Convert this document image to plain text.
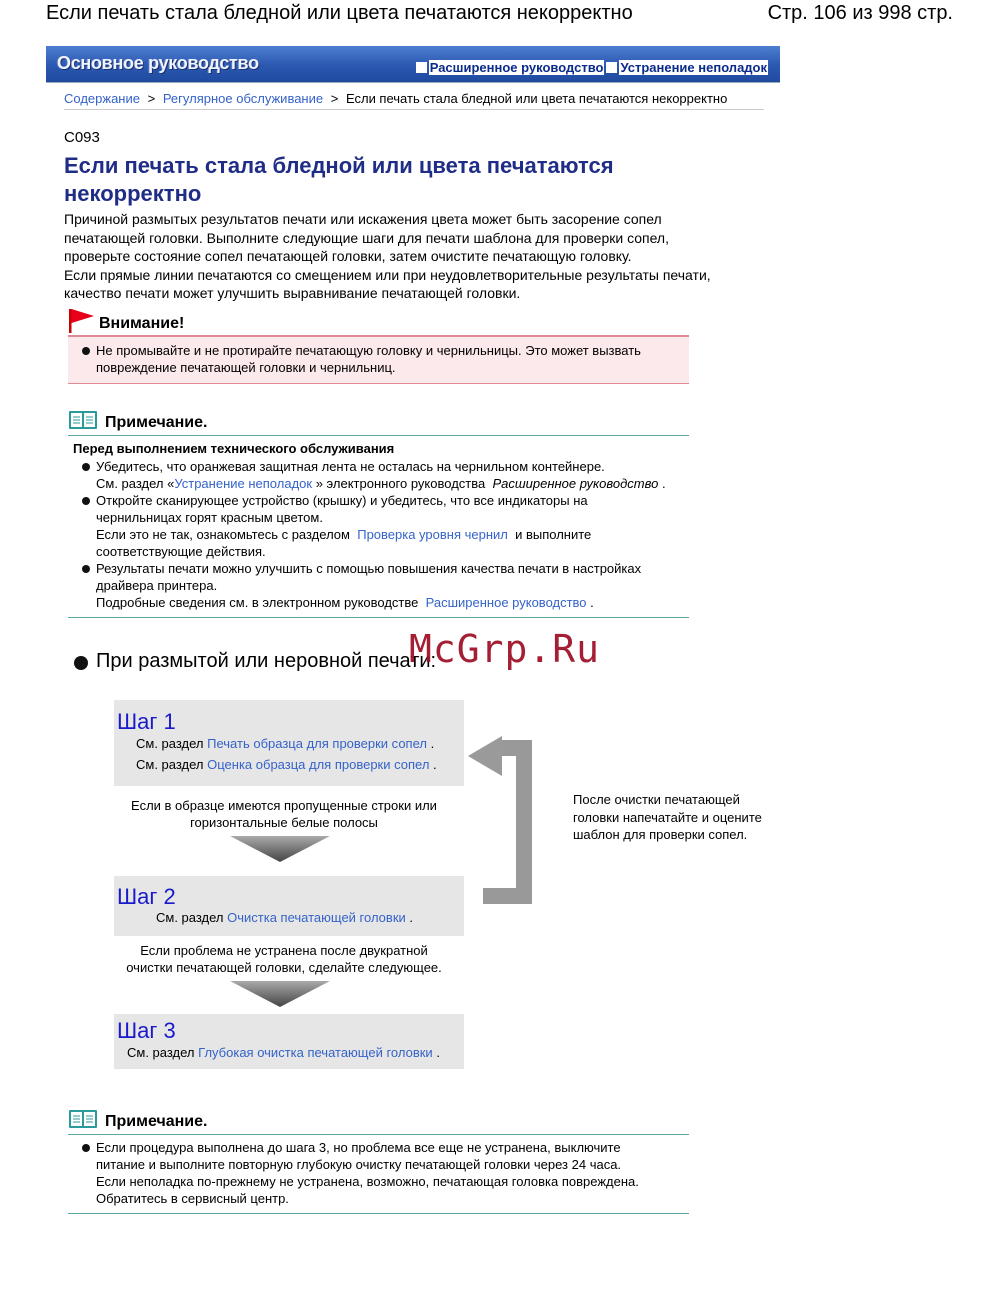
Если печать стала бледной или цвета печатаются некорректно	Стр. 106 из 998 стр.
Основное руководство	Расширенное руководство Устранение неполадок
Содержание > Регулярное обслуживание > Если печать стала бледной или цвета печатаются некорректно
C093
Если печать стала бледной или цвета печатаются
некорректно
Причиной размытых результатов печати или искажения цвета может быть засорение сопел
печатающей головки. Выполните следующие шаги для печати шаблона для проверки сопел,
проверьте состояние сопел печатающей головки, затем очистите печатающую головку.
Если прямые линии печатаются со смещением или при неудовлетворительные результаты печати,
качество печати может улучшить выравнивание печатающей головки.
Внимание!
Не промывайте и не протирайте печатающую головку и чернильницы. Это может вызвать
повреждение печатающей головки и чернильниц.
Примечание.
Перед выполнением технического обслуживания
Убедитесь, что оранжевая защитная лента не осталась на чернильном контейнере.
См. раздел «Устранение неполадок » электронного руководства Расширенное руководство .
Откройте сканирующее устройство (крышку) и убедитесь, что все индикаторы на
чернильницах горят красным цветом.
Если это не так, ознакомьтесь с разделом Проверка уровня чернил и выполните
соответствующие действия.
Результаты печати можно улучшить с помощью повышения качества печати в настройках
драйвера принтера.
Подробные сведения см. в электронном руководстве Расширенное руководство .
При размытой или неровной печати:
McGrp.Ru
Шаг 1
См. раздел Печать образца для проверки сопел .
См. раздел Оценка образца для проверки сопел .
Если в образце имеются пропущенные строки или
горизонтальные белые полосы
Шаг 2
См. раздел Очистка печатающей головки .
Если проблема не устранена после двукратной
очистки печатающей головки, сделайте следующее.
Шаг 3
См. раздел Глубокая очистка печатающей головки .
После очистки печатающей
головки напечатайте и оцените
шаблон для проверки сопел.
Примечание.
Если процедура выполнена до шага 3, но проблема все еще не устранена, выключите
питание и выполните повторную глубокую очистку печатающей головки через 24 часа.
Если неполадка по-прежнему не устранена, возможно, печатающая головка повреждена.
Обратитесь в сервисный центр.
